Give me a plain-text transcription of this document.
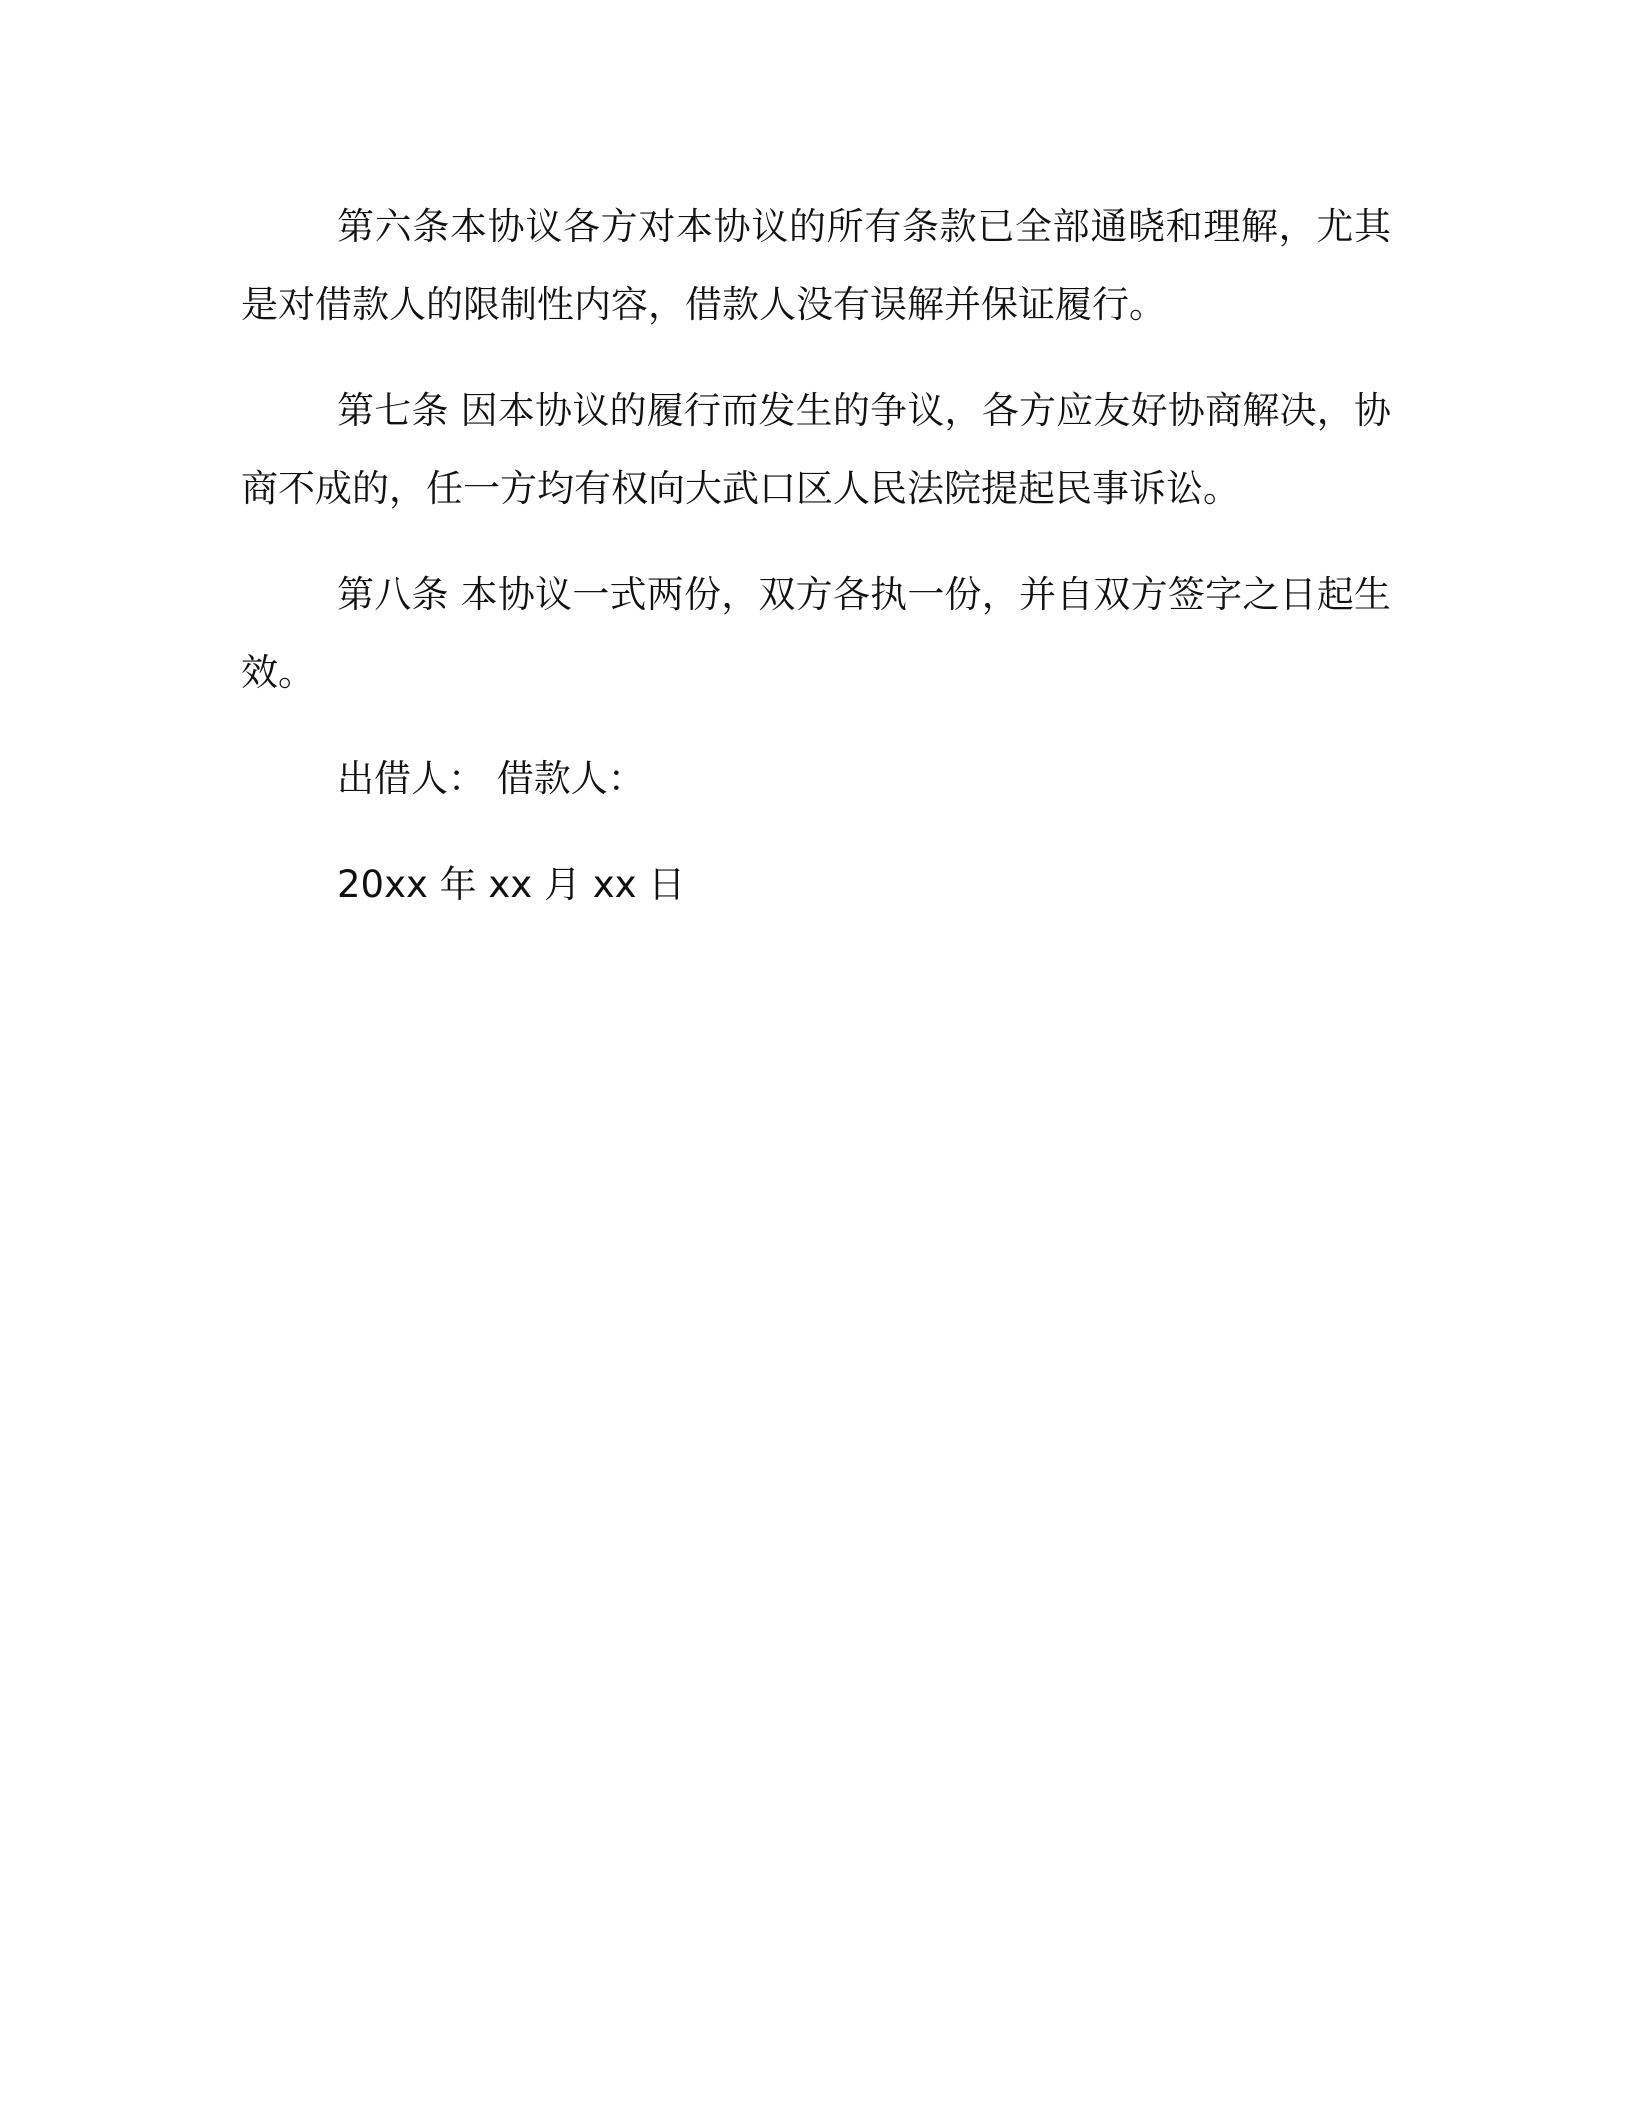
第六条本协议各方对本协议的所有条款已全部通晓和理解，尤其是对借款人的限制性内容，借款人没有误解并保证履行。

第七条 因本协议的履行而发生的争议，各方应友好协商解决，协商不成的，任一方均有权向大武口区人民法院提起民事诉讼。

第八条 本协议一式两份，双方各执一份，并自双方签字之日起生效。

出借人： 借款人：

20xx 年 xx 月 xx 日
